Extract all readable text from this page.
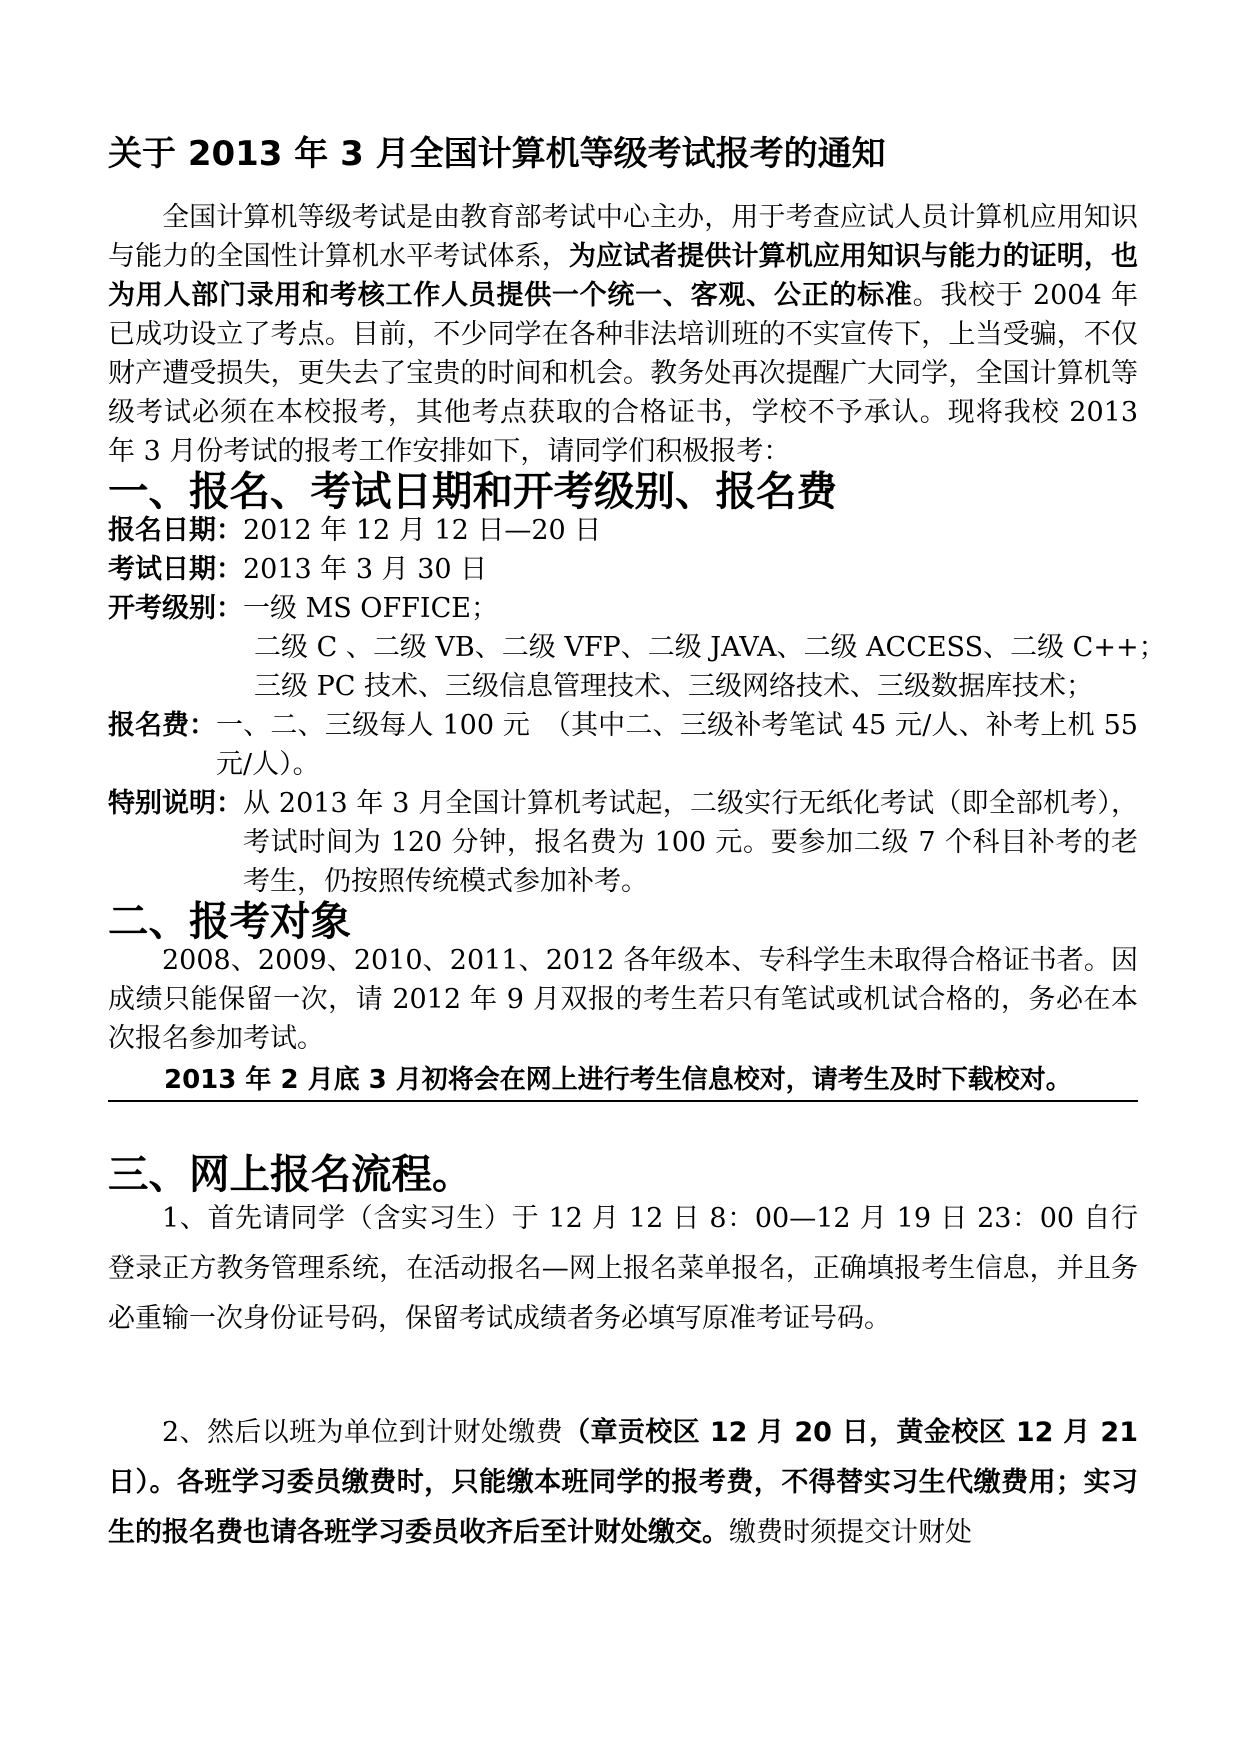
关于 2013 年 3 月全国计算机等级考试报考的通知

全国计算机等级考试是由教育部考试中心主办，用于考查应试人员计算机应用知识与能力的全国性计算机水平考试体系，为应试者提供计算机应用知识与能力的证明，也为用人部门录用和考核工作人员提供一个统一、客观、公正的标准。我校于 2004 年已成功设立了考点。目前，不少同学在各种非法培训班的不实宣传下，上当受骗，不仅财产遭受损失，更失去了宝贵的时间和机会。教务处再次提醒广大同学，全国计算机等级考试必须在本校报考，其他考点获取的合格证书，学校不予承认。现将我校 2013 年 3 月份考试的报考工作安排如下，请同学们积极报考：

一、报名、考试日期和开考级别、报名费
报名日期： 2012 年 12 月 12 日—20 日
考试日期： 2013 年 3 月 30 日
开考级别： 一级 MS OFFICE；
二级 C 、二级 VB、二级 VFP、二级 JAVA、二级 ACCESS、二级 C++；
三级 PC 技术、三级信息管理技术、三级网络技术、三级数据库技术；
报名费： 一、二、三级每人 100 元　（其中二、三级补考笔试 45 元/人、补考上机 55 元/人）。
特别说明： 从 2013 年 3 月全国计算机考试起，二级实行无纸化考试（即全部机考），考试时间为 120 分钟，报名费为 100 元。要参加二级 7 个科目补考的老考生，仍按照传统模式参加补考。
二、报考对象

2008、2009、2010、2011、2012 各年级本、专科学生未取得合格证书者。因成绩只能保留一次，请 2012 年 9 月双报的考生若只有笔试或机试合格的，务必在本次报名参加考试。

2013 年 2 月底 3 月初将会在网上进行考生信息校对，请考生及时下载校对。

三、网上报名流程。

1、首先请同学（含实习生）于 12 月 12 日 8：00—12 月 19 日 23：00 自行登录正方教务管理系统，在活动报名—网上报名菜单报名，正确填报考生信息，并且务必重输一次身份证号码，保留考试成绩者务必填写原准考证号码。

2、然后以班为单位到计财处缴费（章贡校区 12 月 20 日，黄金校区 12 月 21 日）。各班学习委员缴费时，只能缴本班同学的报考费，不得替实习生代缴费用；实习生的报名费也请各班学习委员收齐后至计财处缴交。缴费时须提交计财处
